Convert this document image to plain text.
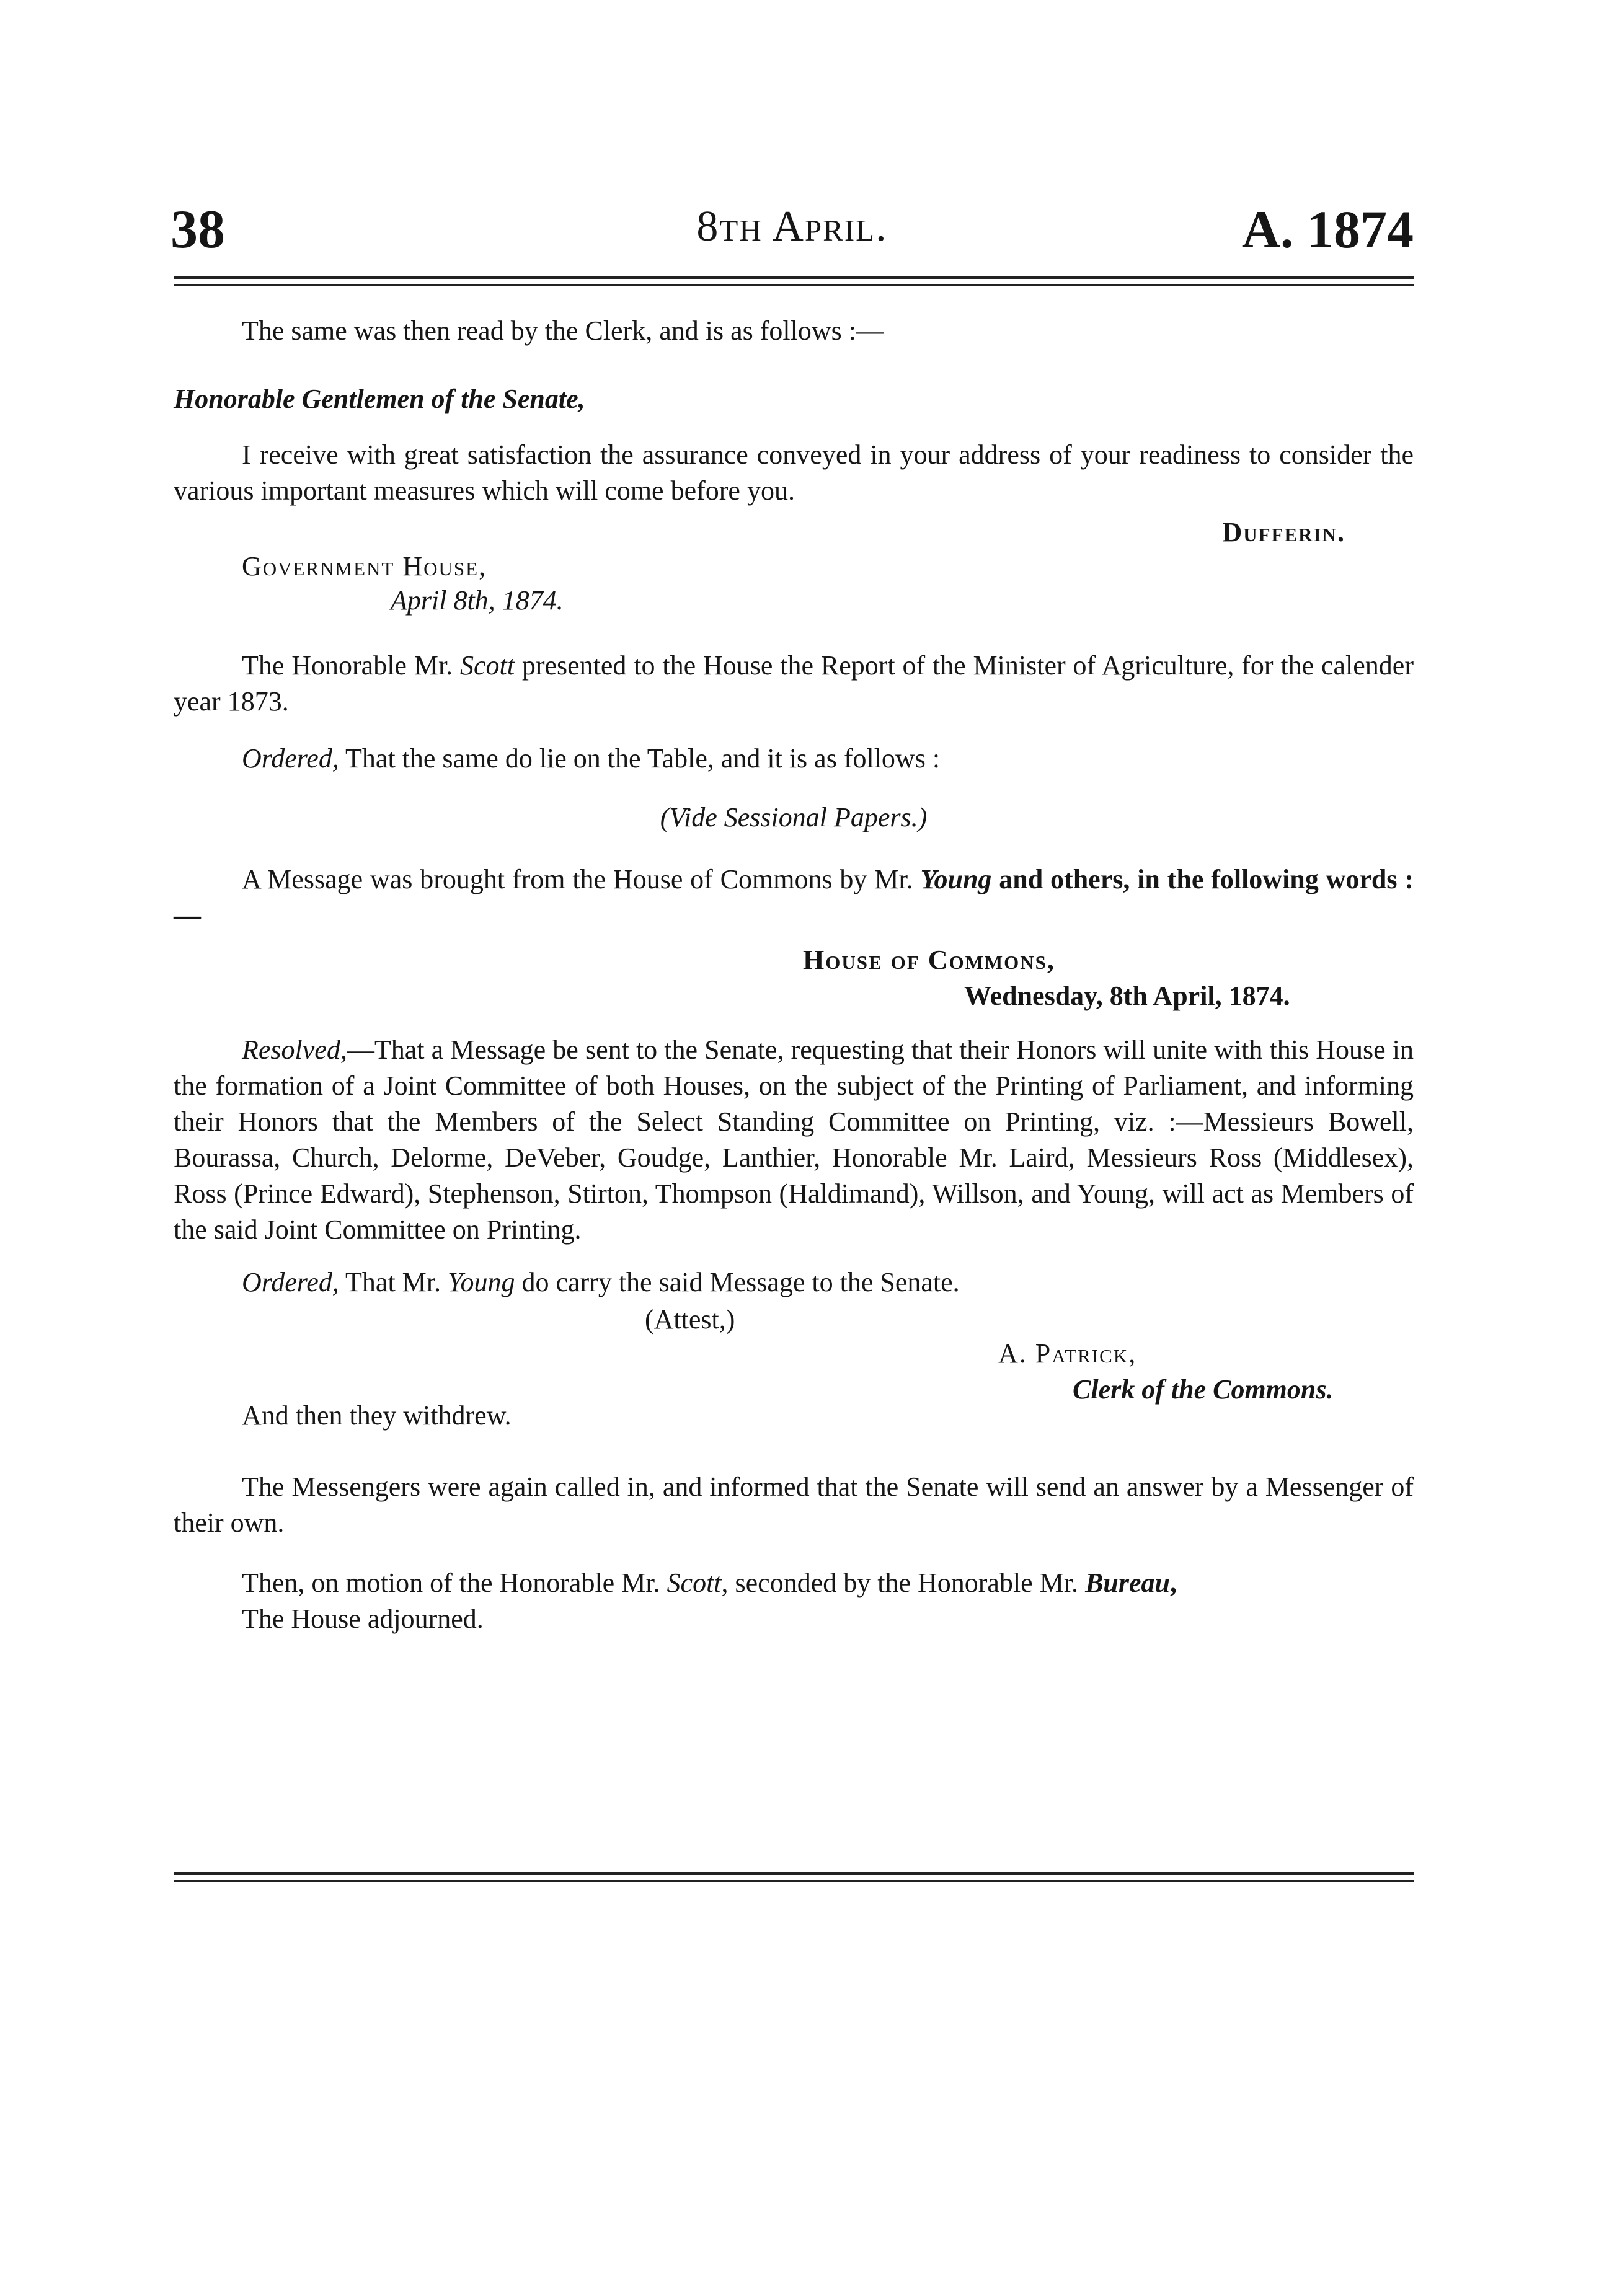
38	8th April.	A. 1874

The same was then read by the Clerk, and is as follows :—

Honorable Gentlemen of the Senate,

I receive with great satisfaction the assurance conveyed in your address of your readiness to consider the various important measures which will come before you.

Dufferin.

Government House,

April 8th, 1874.

The Honorable Mr. Scott presented to the House the Report of the Minister of Agriculture, for the calender year 1873.

Ordered, That the same do lie on the Table, and it is as follows :

(Vide Sessional Papers.)

A Message was brought from the House of Commons by Mr. Young and others, in the following words :—

House of Commons,

Wednesday, 8th April, 1874.

Resolved,—That a Message be sent to the Senate, requesting that their Honors will unite with this House in the formation of a Joint Committee of both Houses, on the subject of the Printing of Parliament, and informing their Honors that the Members of the Select Standing Committee on Printing, viz. :—Messieurs Bowell, Bourassa, Church, Delorme, DeVeber, Goudge, Lanthier, Honorable Mr. Laird, Messieurs Ross (Middlesex), Ross (Prince Edward), Stephenson, Stirton, Thompson (Haldimand), Willson, and Young, will act as Members of the said Joint Committee on Printing.

Ordered, That Mr. Young do carry the said Message to the Senate.

(Attest,)

A. Patrick,

Clerk of the Commons.

And then they withdrew.

The Messengers were again called in, and informed that the Senate will send an answer by a Messenger of their own.

Then, on motion of the Honorable Mr. Scott, seconded by the Honorable Mr. Bureau,

The House adjourned.
